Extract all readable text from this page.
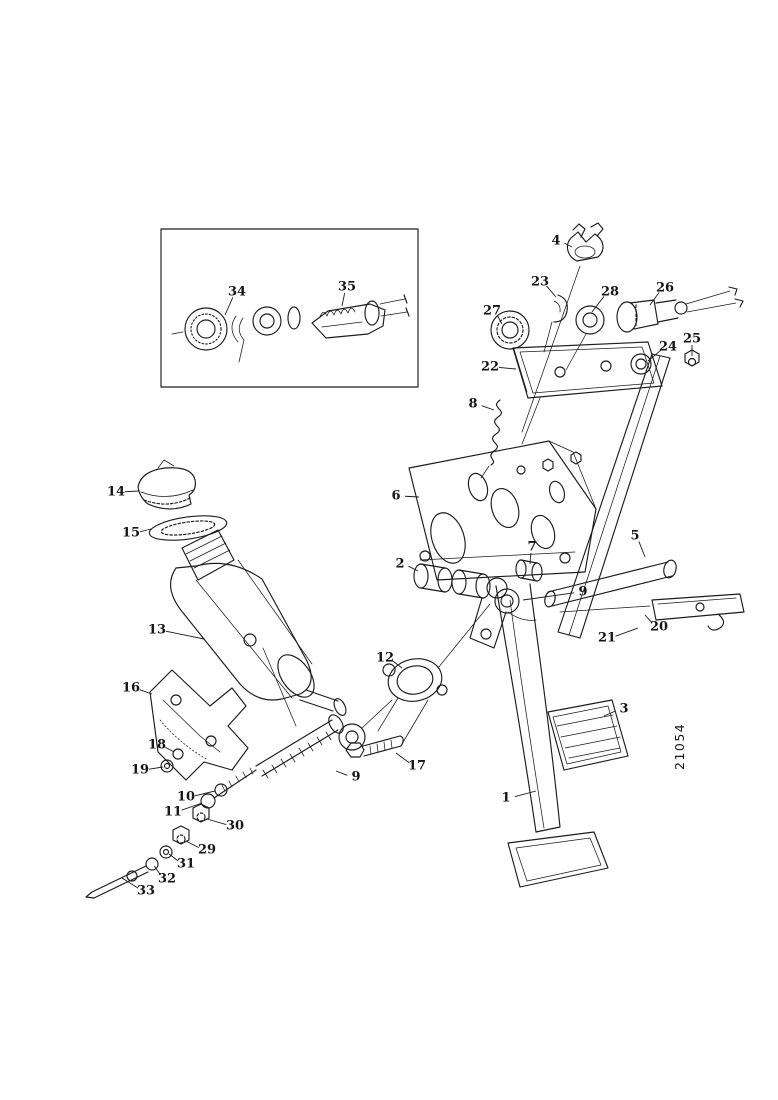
21054
34	35
4
23
28	26
27
25
24
22
8
6
14
15
13
2
5
7
9
20
21
12
16
3
18
19	17
10
11
9
1
30
29
31
32
33
